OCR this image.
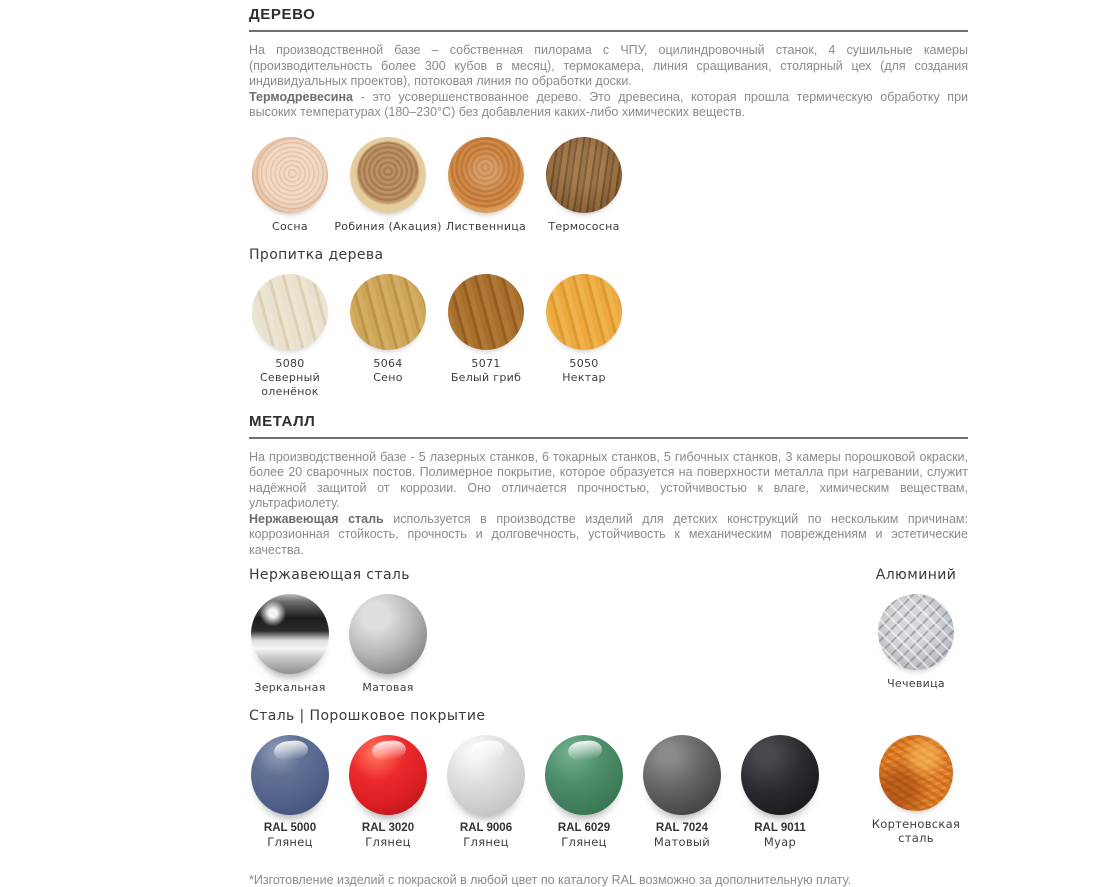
ДЕРЕВО

На производственной базе – собственная пилорама с ЧПУ, оцилиндровочный станок, 4 сушильные камеры (производительность более 300 кубов в месяц), термокамера, линия сращивания, столярный цех (для создания индивидуальных проектов), потоковая линия по обработки доски.

Термодревесина - это усовершенствованное дерево. Это древесина, которая прошла термическую обработку при высоких температурах (180–230°C) без добавления каких-либо химических веществ.

Сосна Робиния (Акация) Лиственница Термососна
Пропитка дерева
5080
Северный оленёнок
5064
Сено
5071
Белый гриб
5050
Нектар
МЕТАЛЛ

На производственной базе - 5 лазерных станков, 6 токарных станков, 5 гибочных станков, 3 камеры порошковой окраски, более 20 сварочных постов. Полимерное покрытие, которое образуется на поверхности металла при нагревании, служит надёжной защитой от коррозии. Оно отличается прочностью, устойчивостью к влаге, химическим веществам, ультрафиолету.

Нержавеющая сталь используется в производстве изделий для детских конструкций по нескольким причинам: коррозионная стойкость, прочность и долговечность, устойчивость к механическим повреждениям и эстетические качества.

Нержавеющая сталь
Зеркальная	Матовая
Алюминий
Чечевица
Сталь | Порошковое покрытие
RAL 5000
Глянец
RAL 3020
Глянец
RAL 9006
Глянец
RAL 6029
Глянец
RAL 7024
Матовый
RAL 9011
Муар
Кортеновская сталь
*Изготовление изделий с покраской в любой цвет по каталогу RAL возможно за дополнительную плату.
